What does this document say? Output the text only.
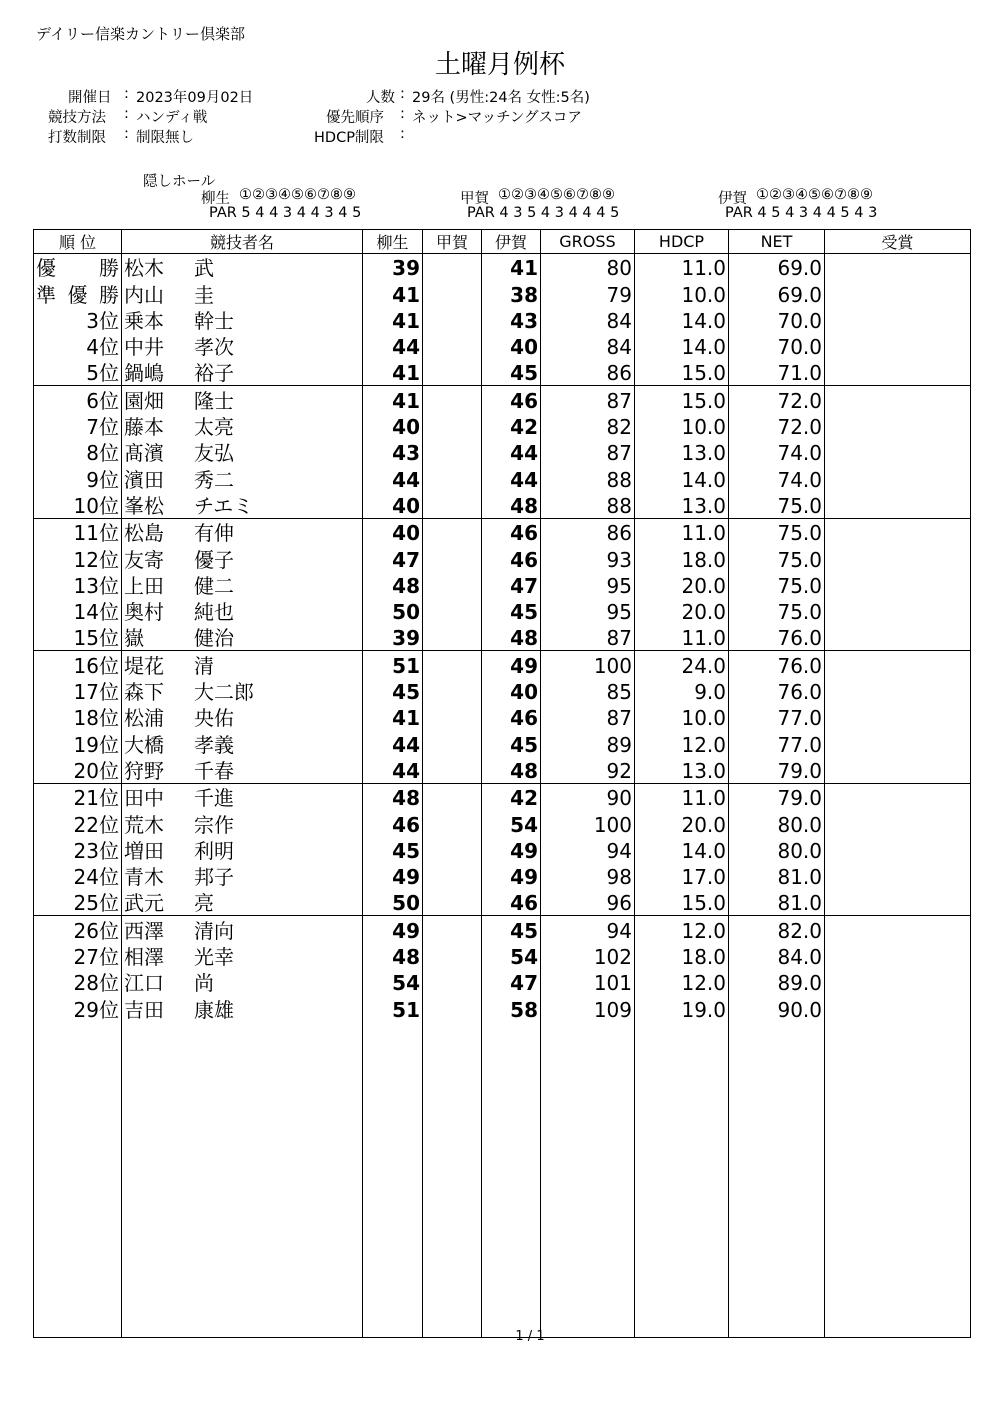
デイリー信楽カントリー倶楽部
土曜月例杯
開催日 : 2023年09月02日
競技方法 : ハンディ戦
打数制限 : 制限無し
人数 : 29名 (男性:24名 女性:5名)
優先順序 : ネット>マッチングスコア
HDCP制限 :
隠しホール
柳生 ①②③④⑤⑥⑦⑧⑨
PAR 5 4 4 3 4 4 3 4 5
甲賀 ①②③④⑤⑥⑦⑧⑨
PAR 4 3 5 4 3 4 4 4 5
伊賀 ①②③④⑤⑥⑦⑧⑨
PAR 4 5 4 3 4 4 5 4 3
順 位	競技者名	柳生	甲賀	伊賀	GROSS	HDCP	NET	受賞
優 勝	松木 武	39		41	80	11.0	69.0	
準優勝	内山 圭	41		38	79	10.0	69.0	
3位	乗本 幹士	41		43	84	14.0	70.0	
4位	中井 孝次	44		40	84	14.0	70.0	
5位	鍋嶋 裕子	41		45	86	15.0	71.0	
6位	園畑 隆士	41		46	87	15.0	72.0	
7位	藤本 太亮	40		42	82	10.0	72.0	
8位	髙濱 友弘	43		44	87	13.0	74.0	
9位	濱田 秀二	44		44	88	14.0	74.0	
10位	峯松 チエミ	40		48	88	13.0	75.0	
11位	松島 有伸	40		46	86	11.0	75.0	
12位	友寄 優子	47		46	93	18.0	75.0	
13位	上田 健二	48		47	95	20.0	75.0	
14位	奥村 純也	50		45	95	20.0	75.0	
15位	嶽 健治	39		48	87	11.0	76.0	
16位	堤花 清	51		49	100	24.0	76.0	
17位	森下 大二郎	45		40	85	9.0	76.0	
18位	松浦 央佑	41		46	87	10.0	77.0	
19位	大橋 孝義	44		45	89	12.0	77.0	
20位	狩野 千春	44		48	92	13.0	79.0	
21位	田中 千進	48		42	90	11.0	79.0	
22位	荒木 宗作	46		54	100	20.0	80.0	
23位	増田 利明	45		49	94	14.0	80.0	
24位	青木 邦子	49		49	98	17.0	81.0	
25位	武元 亮	50		46	96	15.0	81.0	
26位	西澤 清向	49		45	94	12.0	82.0	
27位	相澤 光幸	48		54	102	18.0	84.0	
28位	江口 尚	54		47	101	12.0	89.0	
29位	吉田 康雄	51		58	109	19.0	90.0	

1 / 1
